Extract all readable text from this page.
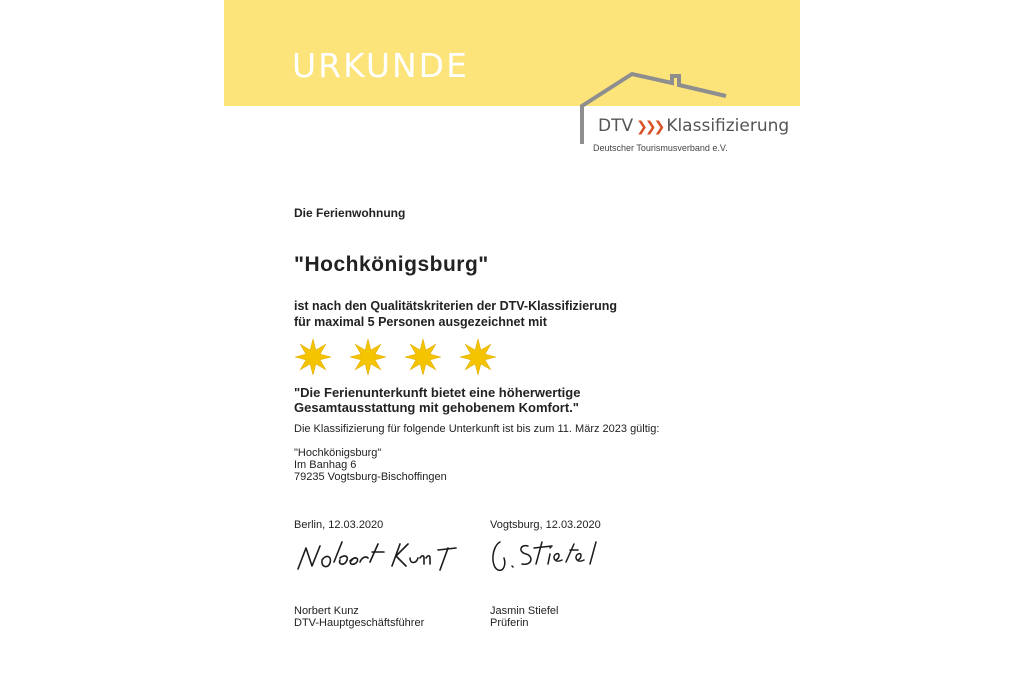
URKUNDE
DTV ❯❯❯ Klassifizierung
Deutscher Tourismusverband e.V.
Die Ferienwohnung
"Hochkönigsburg"
ist nach den Qualitätskriterien der DTV-Klassifizierung
für maximal 5 Personen ausgezeichnet mit
"Die Ferienunterkunft bietet eine höherwertige
Gesamtausstattung mit gehobenem Komfort."
Die Klassifizierung für folgende Unterkunft ist bis zum 11. März 2023 gültig:
"Hochkönigsburg"
Im Banhag 6
79235 Vogtsburg-Bischoffingen
Berlin, 12.03.2020	Vogtsburg, 12.03.2020
Norbert Kunz
DTV-Hauptgeschäftsführer
Jasmin Stiefel
Prüferin
